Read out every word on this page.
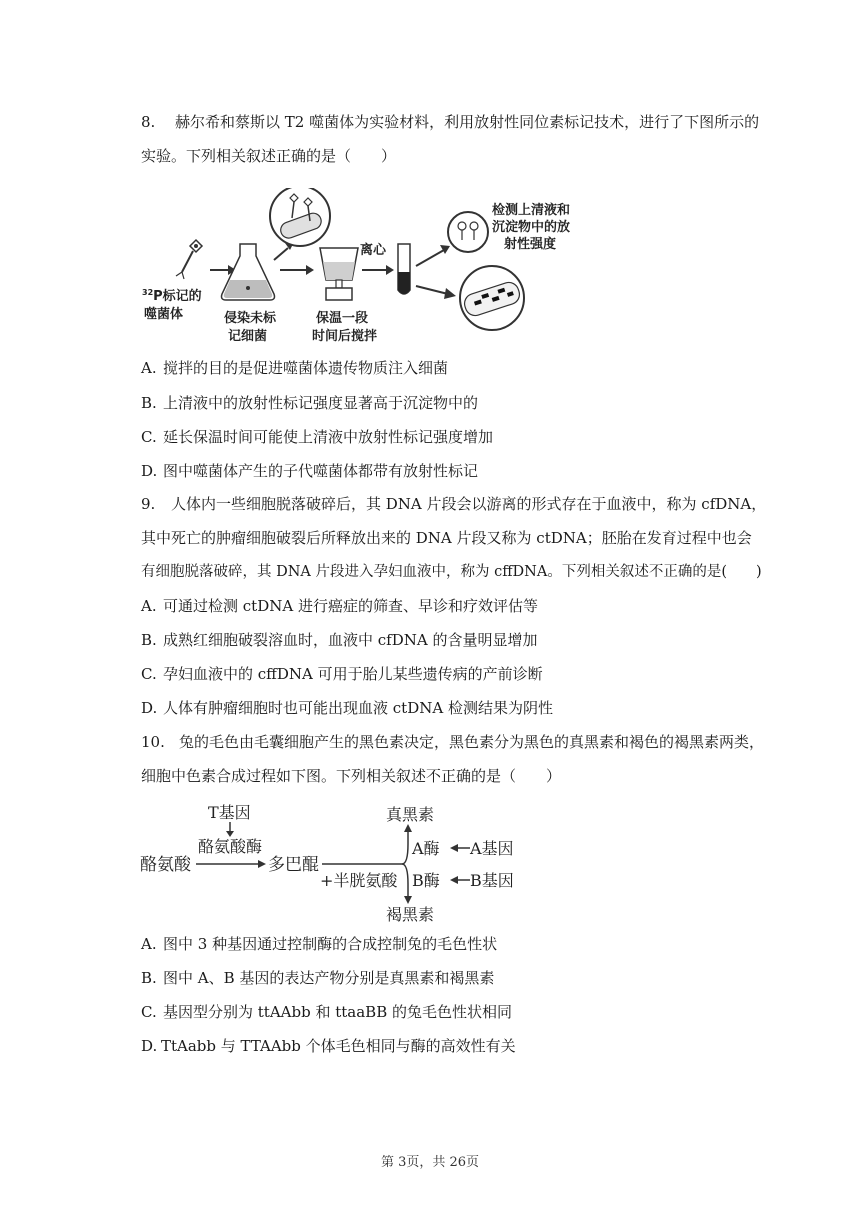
8. 赫尔希和蔡斯以 T2 噬菌体为实验材料，利用放射性同位素标记技术，进行了下图所示的
实验。下列相关叙述正确的是（　　）
$^{32}$P标记的
噬菌体	侵染未标
记细菌
保温一段
时间后搅拌
离心
检测上清液和
沉淀物中的放
射性强度
A. 搅拌的目的是促进噬菌体遗传物质注入细菌
B. 上清液中的放射性标记强度显著高于沉淀物中的
C. 延长保温时间可能使上清液中放射性标记强度增加
D. 图中噬菌体产生的子代噬菌体都带有放射性标记
9. 人体内一些细胞脱落破碎后，其 DNA 片段会以游离的形式存在于血液中，称为 cfDNA，
其中死亡的肿瘤细胞破裂后所释放出来的 DNA 片段又称为 ctDNA；胚胎在发育过程中也会
有细胞脱落破碎，其 DNA 片段进入孕妇血液中，称为 cffDNA。下列相关叙述不正确的是(　　)
A. 可通过检测 ctDNA 进行癌症的筛查、早诊和疗效评估等
B. 成熟红细胞破裂溶血时，血液中 cfDNA 的含量明显增加
C. 孕妇血液中的 cffDNA 可用于胎儿某些遗传病的产前诊断
D. 人体有肿瘤细胞时也可能出现血液 ctDNA 检测结果为阴性
10. 兔的毛色由毛囊细胞产生的黑色素决定，黑色素分为黑色的真黑素和褐色的褐黑素两类，
细胞中色素合成过程如下图。下列相关叙述不正确的是（　　）
T基因
酪氨酸酶
酪氨酸	多巴醌
+半胱氨酸
真黑素
褐黑素
A酶 A基因
B酶 B基因
A. 图中 3 种基因通过控制酶的合成控制兔的毛色性状
B. 图中 A、B 基因的表达产物分别是真黑素和褐黑素
C. 基因型分别为 ttAAbb 和 ttaaBB 的兔毛色性状相同
D. TtAabb 与 TTAAbb 个体毛色相同与酶的高效性有关
第 3页，共 26页
